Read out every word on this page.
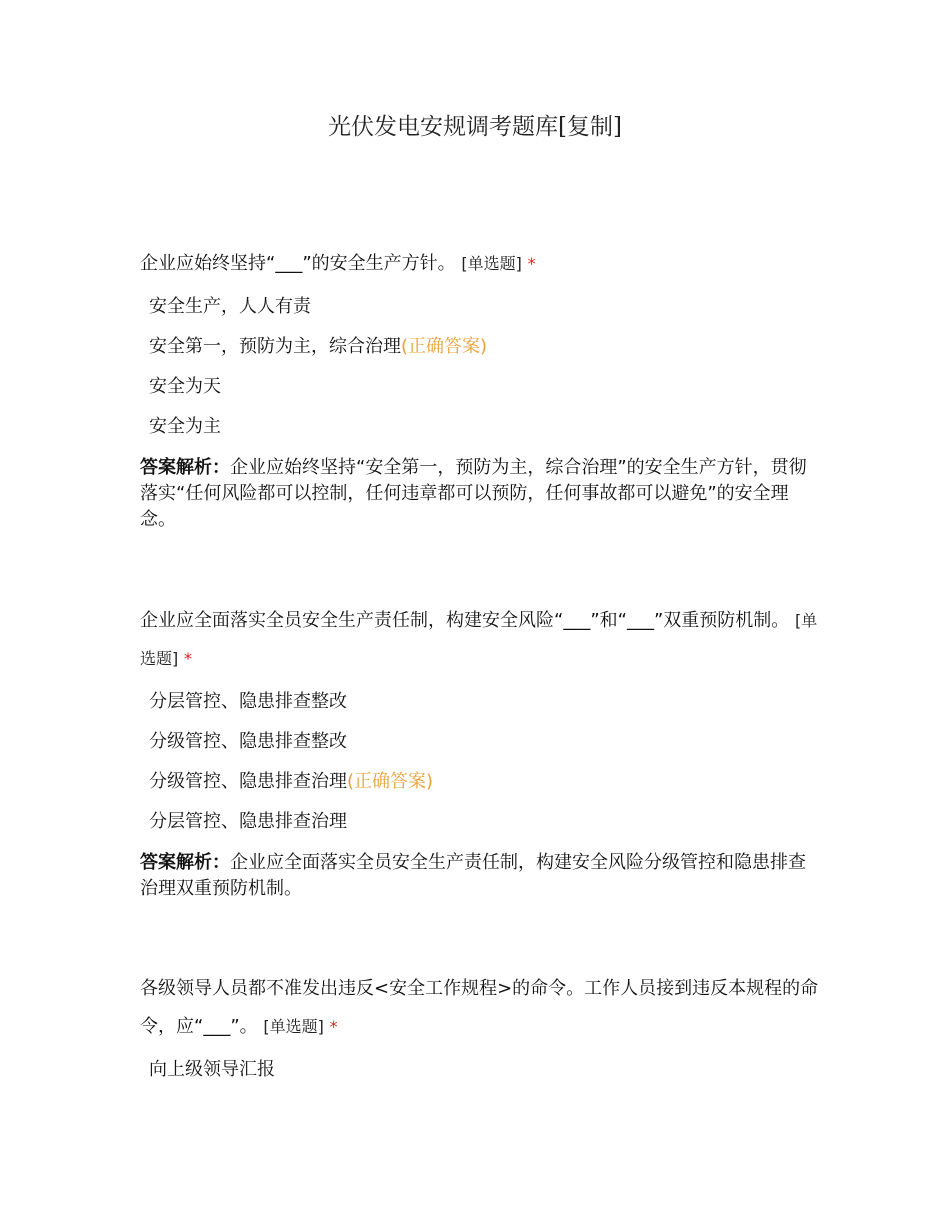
光伏发电安规调考题库[复制]

企业应始终坚持“___”的安全生产方针。 [单选题] *

安全生产，人人有责
安全第一，预防为主，综合治理(正确答案)
安全为天
安全为主
答案解析：企业应始终坚持“安全第一，预防为主，综合治理”的安全生产方针，贯彻落实“任何风险都可以控制，任何违章都可以预防，任何事故都可以避免”的安全理念。

企业应全面落实全员安全生产责任制，构建安全风险“___”和“___”双重预防机制。 [单选题] *

分层管控、隐患排查整改
分级管控、隐患排查整改
分级管控、隐患排查治理(正确答案)
分层管控、隐患排查治理
答案解析：企业应全面落实全员安全生产责任制，构建安全风险分级管控和隐患排查治理双重预防机制。

各级领导人员都不准发出违反<安全工作规程>的命令。工作人员接到违反本规程的命令，应“___”。 [单选题] *

向上级领导汇报
